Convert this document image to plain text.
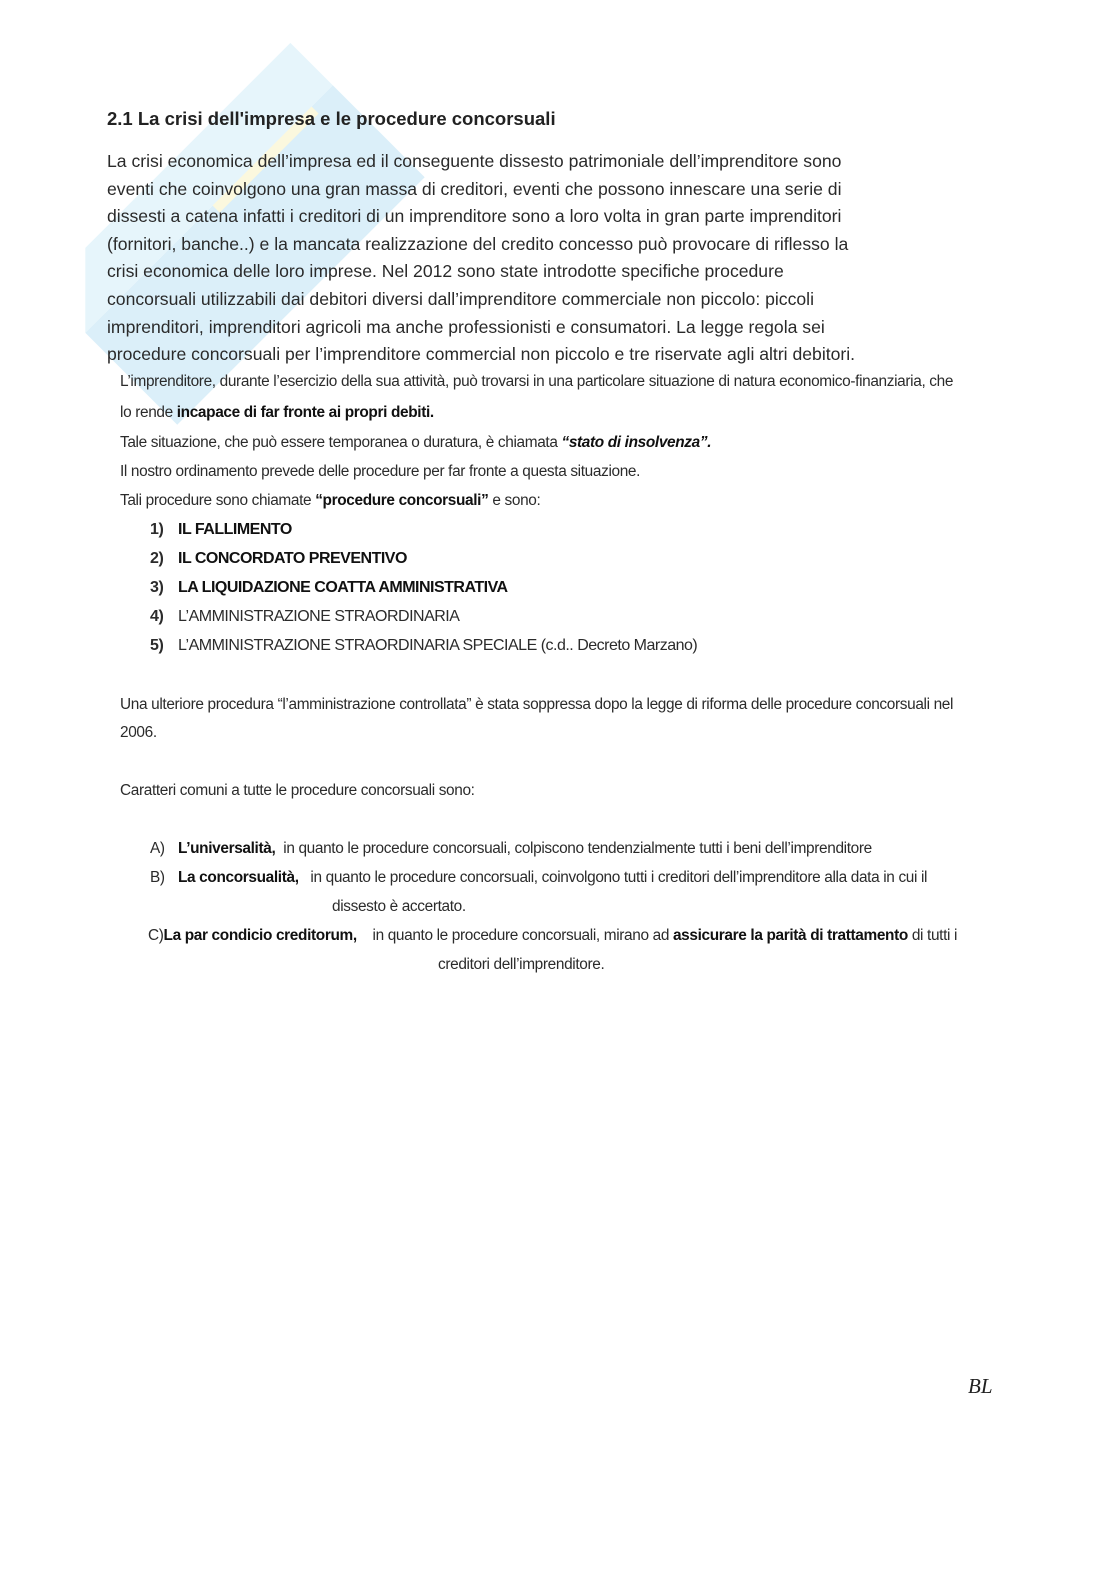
2.1 La crisi dell'impresa e le procedure concorsuali

La crisi economica dell’impresa ed il conseguente dissesto patrimoniale dell’imprenditore sono
eventi che coinvolgono una gran massa di creditori, eventi che possono innescare una serie di
dissesti a catena infatti i creditori di un imprenditore sono a loro volta in gran parte imprenditori
(fornitori, banche..) e la mancata realizzazione del credito concesso può provocare di riflesso la
crisi economica delle loro imprese. Nel 2012 sono state introdotte specifiche procedure
concorsuali utilizzabili dai debitori diversi dall’imprenditore commerciale non piccolo: piccoli
imprenditori, imprenditori agricoli ma anche professionisti e consumatori. La legge regola sei
procedure concorsuali per l’imprenditore commercial non piccolo e tre riservate agli altri debitori.

L’imprenditore, durante l’esercizio della sua attività, può trovarsi in una particolare situazione di natura economico-finanziaria, che
lo rende incapace di far fronte ai propri debiti.
Tale situazione, che può essere temporanea o duratura, è chiamata “stato di insolvenza”.
Il nostro ordinamento prevede delle procedure per far fronte a questa situazione.
Tali procedure sono chiamate “procedure concorsuali” e sono:
1) IL FALLIMENTO
2) IL CONCORDATO PREVENTIVO
3) LA LIQUIDAZIONE COATTA AMMINISTRATIVA
4) L’AMMINISTRAZIONE STRAORDINARIA
5) L’AMMINISTRAZIONE STRAORDINARIA SPECIALE (c.d.. Decreto Marzano)
Una ulteriore procedura “l’amministrazione controllata” è stata soppressa dopo la legge di riforma delle procedure concorsuali nel
2006.
Caratteri comuni a tutte le procedure concorsuali sono:
A) L’universalità, in quanto le procedure concorsuali, colpiscono tendenzialmente tutti i beni dell’imprenditore
B) La concorsualità, in quanto le procedure concorsuali, coinvolgono tutti i creditori dell’imprenditore alla data in cui il
dissesto è accertato.
C)La par condicio creditorum, in quanto le procedure concorsuali, mirano ad assicurare la parità di trattamento di tutti i
creditori dell’imprenditore.
BL
